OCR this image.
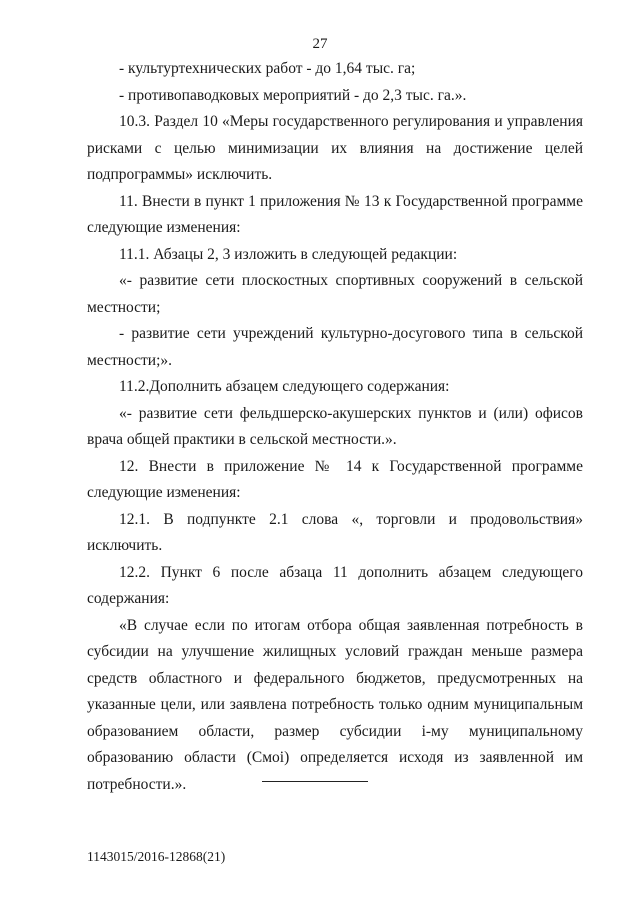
27

- культуртехнических работ - до 1,64 тыс. га;

- противопаводковых мероприятий - до 2,3 тыс. га.».

10.3. Раздел 10 «Меры государственного регулирования и управления рисками с целью минимизации их влияния на достижение целей подпрограммы» исключить.

11. Внести в пункт 1 приложения № 13 к Государственной программе следующие изменения:

11.1. Абзацы 2, 3 изложить в следующей редакции:

«- развитие сети плоскостных спортивных сооружений в сельской местности;

- развитие сети учреждений культурно-досугового типа в сельской местности;».

11.2.Дополнить абзацем следующего содержания:

«- развитие сети фельдшерско-акушерских пунктов и (или) офисов врача общей практики в сельской местности.».

12. Внести в приложение № 14 к Государственной программе следующие изменения:

12.1. В подпункте 2.1 слова «, торговли и продовольствия» исключить.

12.2. Пункт 6 после абзаца 11 дополнить абзацем следующего содержания:

«В случае если по итогам отбора общая заявленная потребность в субсидии на улучшение жилищных условий граждан меньше размера средств областного и федерального бюджетов, предусмотренных на указанные цели, или заявлена потребность только одним муниципальным образованием области, размер субсидии i-му муниципальному образованию области (Смоi) определяется исходя из заявленной им потребности.».

1143015/2016-12868(21)
